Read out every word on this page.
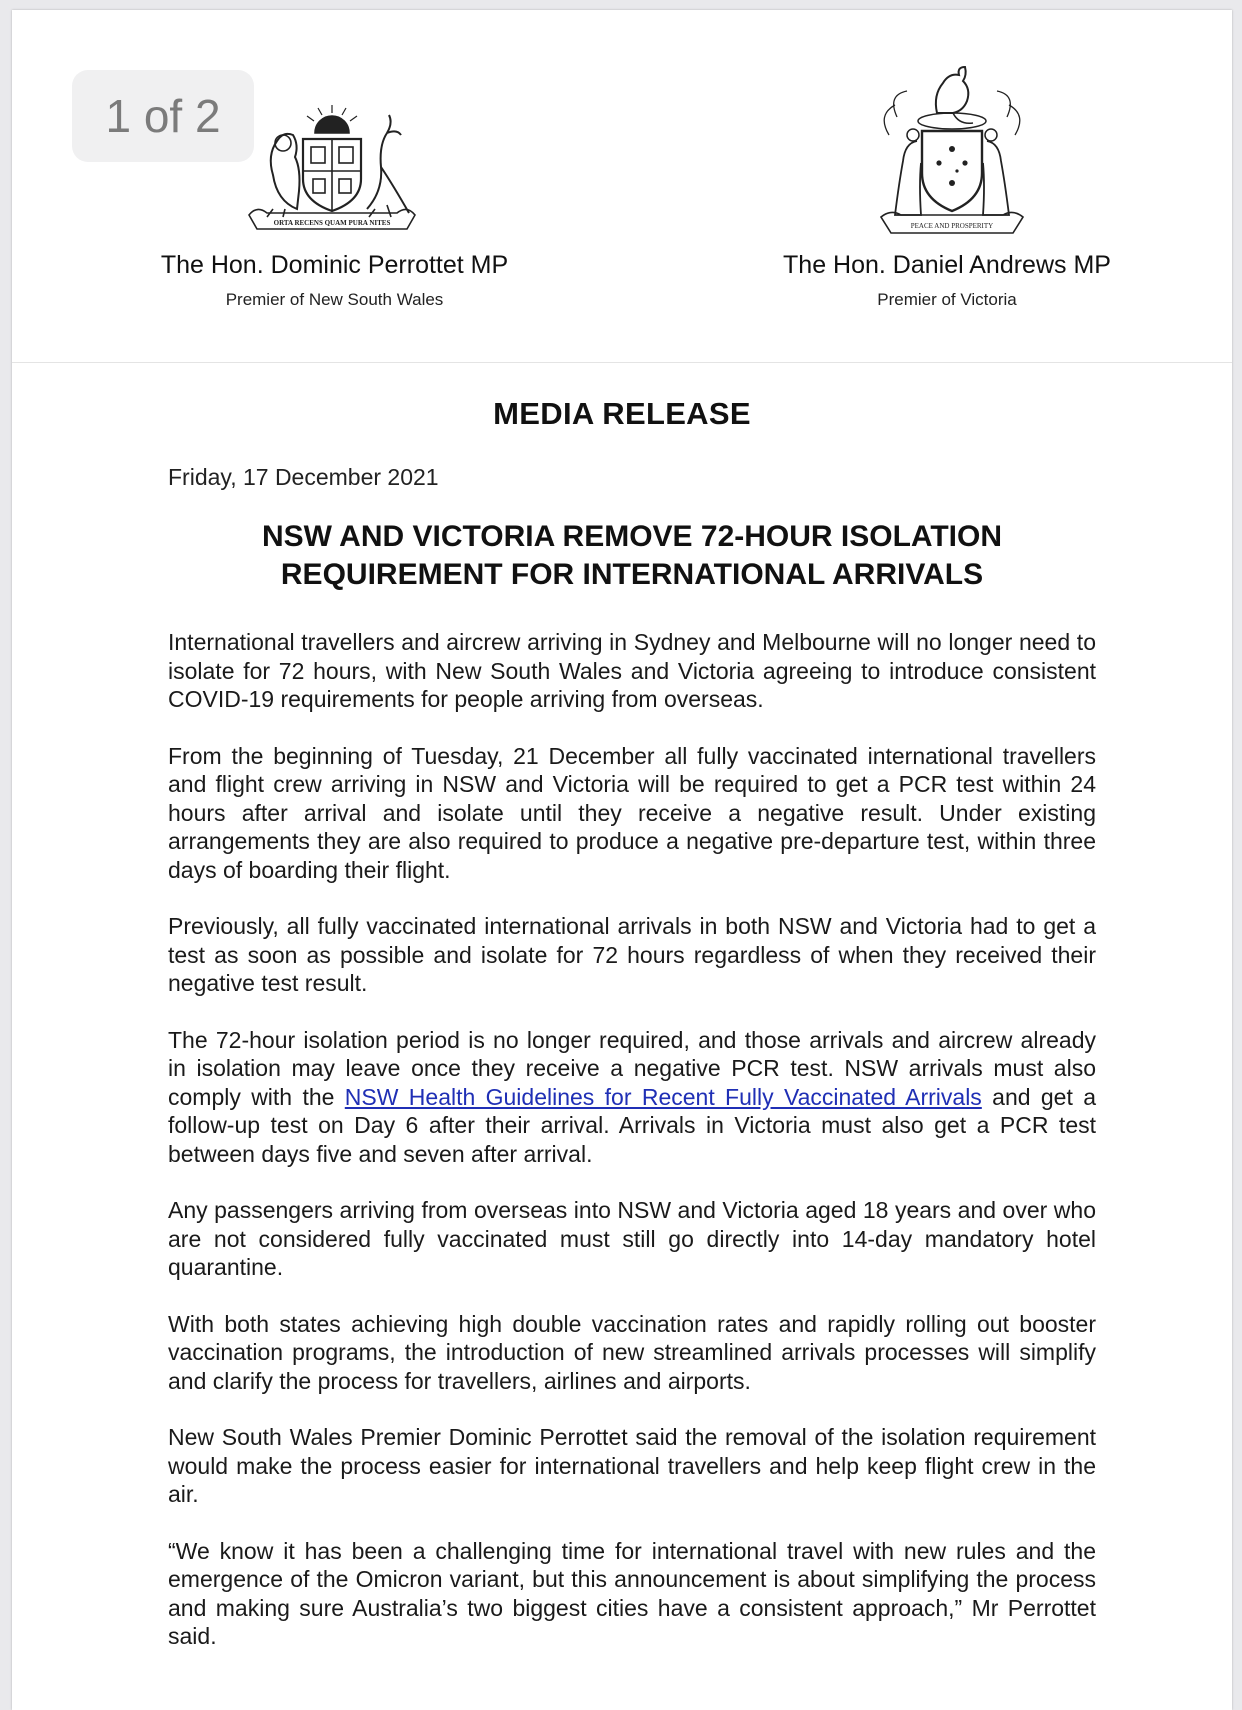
1 of 2
ORTA RECENS QUAM PURA NITES	PEACE AND PROSPERITY
The Hon. Dominic Perrottet MP
Premier of New South Wales
The Hon. Daniel Andrews MP
Premier of Victoria
MEDIA RELEASE
Friday, 17 December 2021
NSW AND VICTORIA REMOVE 72-HOUR ISOLATION
REQUIREMENT FOR INTERNATIONAL ARRIVALS

International travellers and aircrew arriving in Sydney and Melbourne will no longer need to isolate for 72 hours, with New South Wales and Victoria agreeing to introduce consistent COVID-19 requirements for people arriving from overseas.

From the beginning of Tuesday, 21 December all fully vaccinated international travellers and flight crew arriving in NSW and Victoria will be required to get a PCR test within 24 hours after arrival and isolate until they receive a negative result. Under existing arrangements they are also required to produce a negative pre-departure test, within three days of boarding their flight.

Previously, all fully vaccinated international arrivals in both NSW and Victoria had to get a test as soon as possible and isolate for 72 hours regardless of when they received their negative test result.

The 72-hour isolation period is no longer required, and those arrivals and aircrew already in isolation may leave once they receive a negative PCR test. NSW arrivals must also comply with the NSW Health Guidelines for Recent Fully Vaccinated Arrivals and get a follow-up test on Day 6 after their arrival. Arrivals in Victoria must also get a PCR test between days five and seven after arrival.

Any passengers arriving from overseas into NSW and Victoria aged 18 years and over who are not considered fully vaccinated must still go directly into 14-day mandatory hotel quarantine.

With both states achieving high double vaccination rates and rapidly rolling out booster vaccination programs, the introduction of new streamlined arrivals processes will simplify and clarify the process for travellers, airlines and airports.

New South Wales Premier Dominic Perrottet said the removal of the isolation requirement would make the process easier for international travellers and help keep flight crew in the air.

“We know it has been a challenging time for international travel with new rules and the emergence of the Omicron variant, but this announcement is about simplifying the process and making sure Australia’s two biggest cities have a consistent approach,” Mr Perrottet said.
